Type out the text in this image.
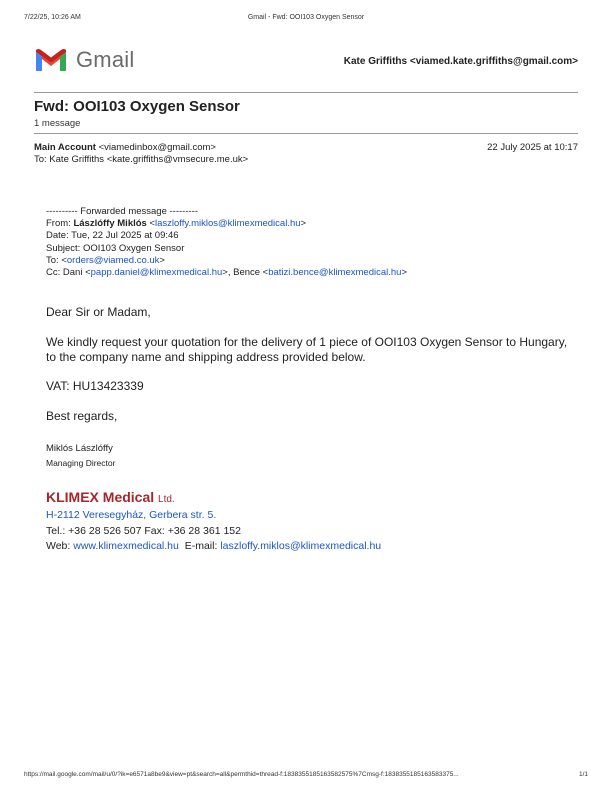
7/22/25, 10:26 AM	Gmail - Fwd: OOI103 Oxygen Sensor
Gmail	Kate Griffiths <viamed.kate.griffiths@gmail.com>
Fwd: OOI103 Oxygen Sensor
1 message
Main Account <viamedinbox@gmail.com>	22 July 2025 at 10:17
To: Kate Griffiths <kate.griffiths@vmsecure.me.uk>
---------- Forwarded message ---------
From: Lászlóffy Miklós <laszloffy.miklos@klimexmedical.hu>
Date: Tue, 22 Jul 2025 at 09:46
Subject: OOI103 Oxygen Sensor
To: <orders@viamed.co.uk>
Cc: Dani <papp.daniel@klimexmedical.hu>, Bence <batizi.bence@klimexmedical.hu>
Dear Sir or Madam,
We kindly request your quotation for the delivery of 1 piece of OOI103 Oxygen Sensor to Hungary, to the company name and shipping address provided below.
VAT: HU13423339
Best regards,
Miklós Lászlóffy
Managing Director
KLIMEX Medical Ltd.
H-2112 Veresegyház, Gerbera str. 5.
Tel.: +36 28 526 507 Fax: +36 28 361 152
Web: www.klimexmedical.hu E-mail: laszloffy.miklos@klimexmedical.hu
https://mail.google.com/mail/u/0/?ik=e6571a8be9&view=pt&search=all&permthid=thread-f:1838355185163582575%7Cmsg-f:183835518516358337​5...	1/1
